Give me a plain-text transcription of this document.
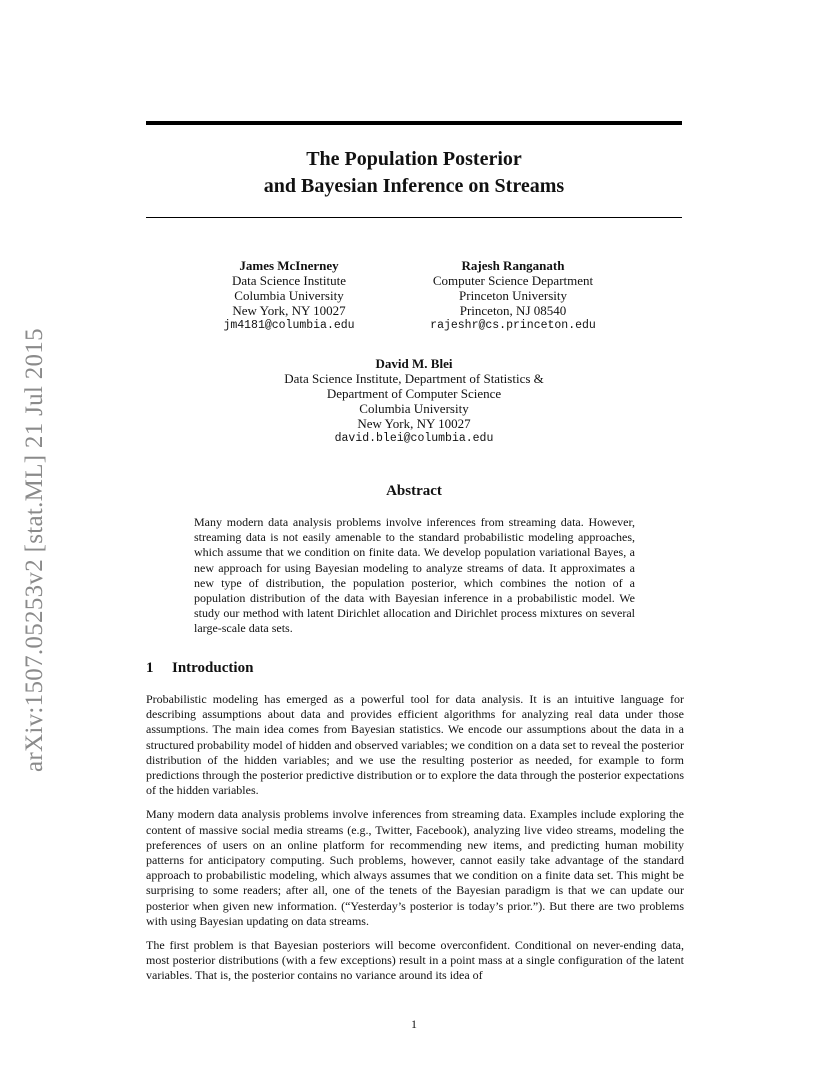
arXiv:1507.05253v2 [stat.ML] 21 Jul 2015
The Population Posterior
and Bayesian Inference on Streams
James McInerney
Data Science Institute
Columbia University
New York, NY 10027
jm4181@columbia.edu
Rajesh Ranganath
Computer Science Department
Princeton University
Princeton, NJ 08540
rajeshr@cs.princeton.edu
David M. Blei
Data Science Institute, Department of Statistics &
Department of Computer Science
Columbia University
New York, NY 10027
david.blei@columbia.edu
Abstract
Many modern data analysis problems involve inferences from streaming data. However, streaming data is not easily amenable to the standard probabilistic modeling approaches, which assume that we condition on finite data. We develop population variational Bayes, a new approach for using Bayesian modeling to analyze streams of data. It approximates a new type of distribution, the population posterior, which combines the notion of a population distribution of the data with Bayesian inference in a probabilistic model. We study our method with latent Dirichlet allocation and Dirichlet process mixtures on several large-scale data sets.
1 Introduction

Probabilistic modeling has emerged as a powerful tool for data analysis. It is an intuitive language for describing assumptions about data and provides efficient algorithms for analyzing real data under those assumptions. The main idea comes from Bayesian statistics. We encode our assumptions about the data in a structured probability model of hidden and observed variables; we condition on a data set to reveal the posterior distribution of the hidden variables; and we use the resulting posterior as needed, for example to form predictions through the posterior predictive distribution or to explore the data through the posterior expectations of the hidden variables.

Many modern data analysis problems involve inferences from streaming data. Examples include exploring the content of massive social media streams (e.g., Twitter, Facebook), analyzing live video streams, modeling the preferences of users on an online platform for recommending new items, and predicting human mobility patterns for anticipatory computing. Such problems, however, cannot easily take advantage of the standard approach to probabilistic modeling, which always assumes that we condition on a finite data set. This might be surprising to some readers; after all, one of the tenets of the Bayesian paradigm is that we can update our posterior when given new information. (“Yesterday’s posterior is today’s prior.”). But there are two problems with using Bayesian updating on data streams.

The first problem is that Bayesian posteriors will become overconfident. Conditional on never-ending data, most posterior distributions (with a few exceptions) result in a point mass at a single configuration of the latent variables. That is, the posterior contains no variance around its idea of

1
